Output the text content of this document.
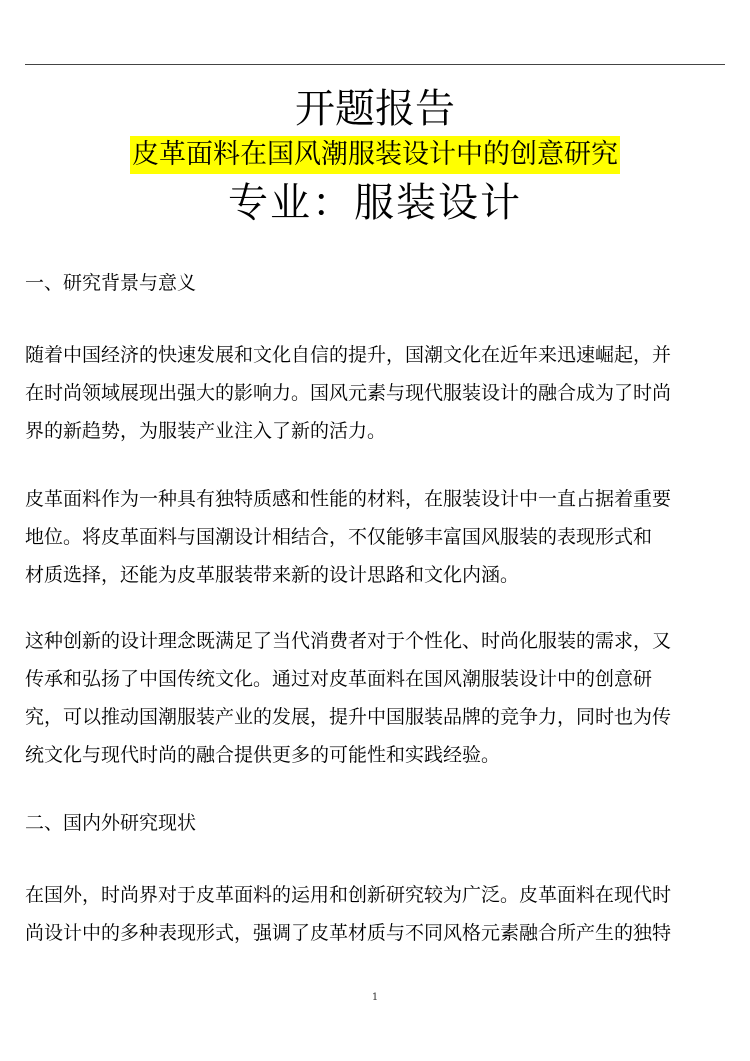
开题报告
皮革面料在国风潮服装设计中的创意研究
专业：服装设计
一、研究背景与意义
随着中国经济的快速发展和文化自信的提升，国潮文化在近年来迅速崛起，并
在时尚领域展现出强大的影响力。国风元素与现代服装设计的融合成为了时尚
界的新趋势，为服装产业注入了新的活力。
皮革面料作为一种具有独特质感和性能的材料，在服装设计中一直占据着重要
地位。将皮革面料与国潮设计相结合，不仅能够丰富国风服装的表现形式和
材质选择，还能为皮革服装带来新的设计思路和文化内涵。
这种创新的设计理念既满足了当代消费者对于个性化、时尚化服装的需求，又
传承和弘扬了中国传统文化。通过对皮革面料在国风潮服装设计中的创意研
究，可以推动国潮服装产业的发展，提升中国服装品牌的竞争力，同时也为传
统文化与现代时尚的融合提供更多的可能性和实践经验。
二、国内外研究现状
在国外，时尚界对于皮革面料的运用和创新研究较为广泛。皮革面料在现代时
尚设计中的多种表现形式，强调了皮革材质与不同风格元素融合所产生的独特
1
